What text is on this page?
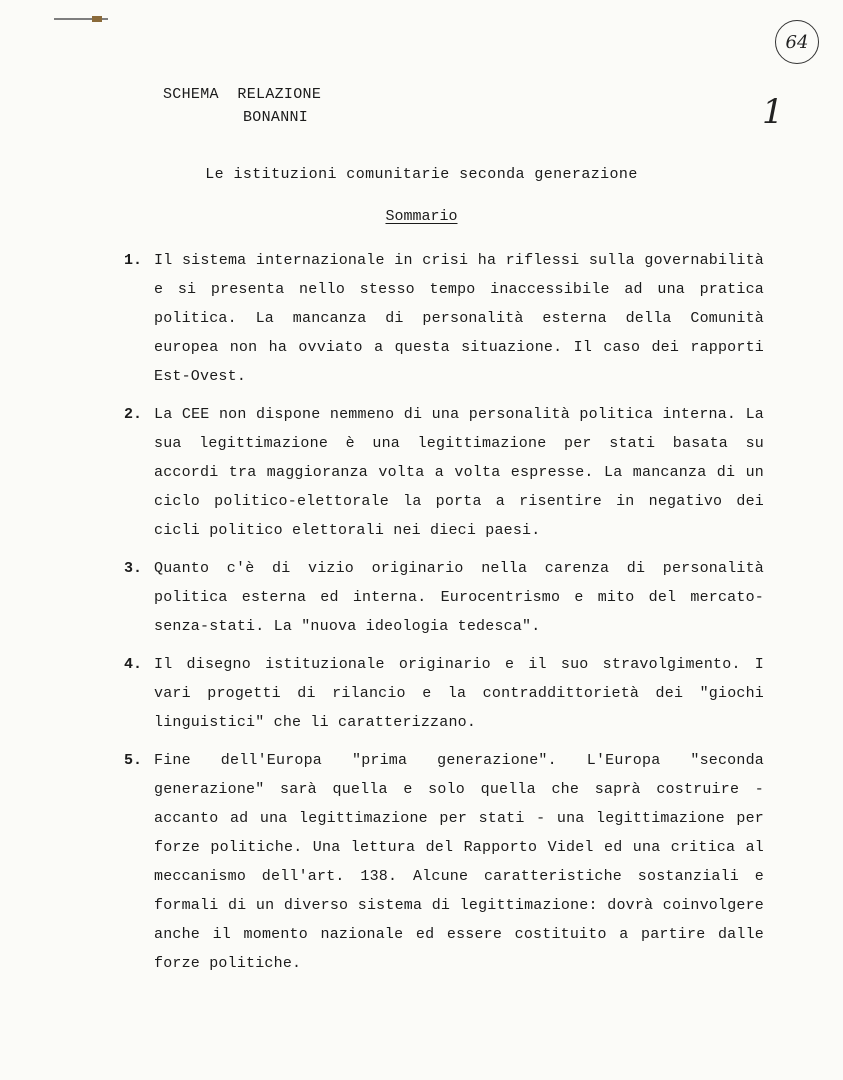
64
1
SCHEMA  RELAZIONE
BONANNI
Le istituzioni comunitarie seconda generazione
Sommario
1. Il sistema internazionale in crisi ha riflessi sulla governabilità e si presenta nello stesso tempo inaccessibile ad una pratica politica. La mancanza di personalità esterna della Comunità europea non ha ovviato a questa situazione. Il caso dei rapporti Est-Ovest.
2. La CEE non dispone nemmeno di una personalità politica interna. La sua legittimazione è una legittimazione per stati basata su accordi tra maggioranza volta a volta espresse. La mancanza di un ciclo politico-elettorale la porta a risentire in negativo dei cicli politico elettorali nei dieci paesi.
3. Quanto c'è di vizio originario nella carenza di personalità politica esterna ed interna. Eurocentrismo e mito del mercato-senza-stati. La "nuova ideologia tedesca".
4. Il disegno istituzionale originario e il suo stravolgimento. I vari progetti di rilancio e la contraddittorietà dei "giochi linguistici" che li caratterizzano.
5. Fine dell'Europa "prima generazione". L'Europa "seconda generazione" sarà quella e solo quella che saprà costruire - accanto ad una legittimazione per stati - una legittimazione per forze politiche. Una lettura del Rapporto Videl ed una critica al meccanismo dell'art. 138. Alcune caratteristiche sostanziali e formali di un diverso sistema di legittimazione: dovrà coinvolgere anche il momento nazionale ed essere costituito a partire dalle forze politiche.
